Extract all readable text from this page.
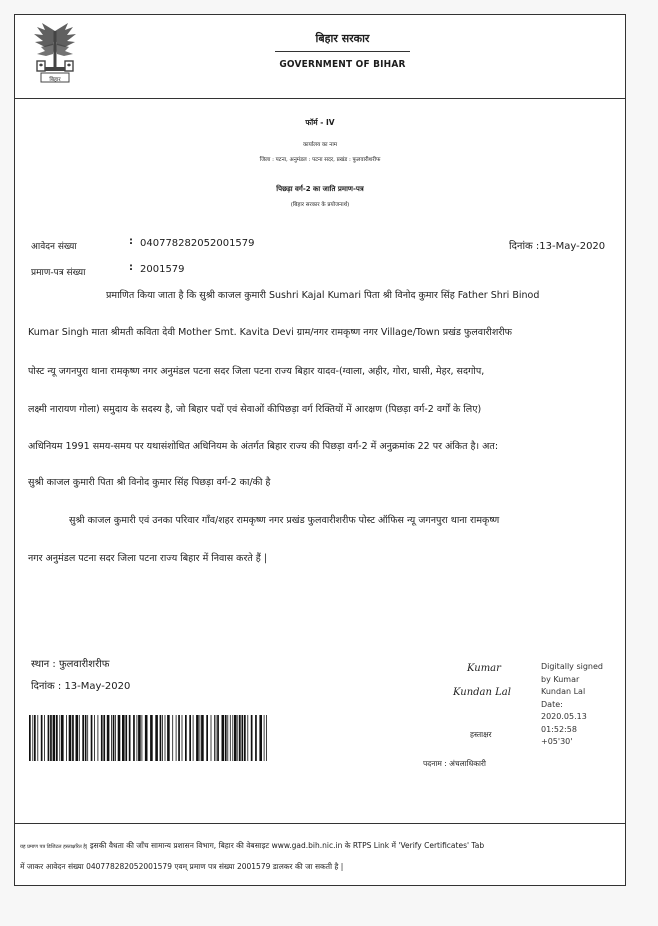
बिहार
बिहार सरकार
GOVERNMENT OF BIHAR
फॉर्म - IV
कार्यालय का नाम
जिला : पटना, अनुमंडल : पटना सदर, प्रखंड : फुलवारीशरीफ
पिछड़ा वर्ग-2 का जाति प्रमाण-पत्र
(बिहार सरकार के प्रयोजनार्थ)
आवेदन संख्या	: 040778282052001579	दिनांक :13-May-2020
प्रमाण-पत्र संख्या	: 2001579
प्रमाणित किया जाता है कि सुश्री काजल कुमारी Sushri Kajal Kumari पिता श्री विनोद कुमार सिंह Father Shri Binod
Kumar Singh माता श्रीमती कविता देवी Mother Smt. Kavita Devi ग्राम/नगर रामकृष्ण नगर Village/Town प्रखंड फुलवारीशरीफ
पोस्ट न्यू जगनपुरा थाना रामकृष्ण नगर अनुमंडल पटना सदर जिला पटना राज्य बिहार यादव-(ग्वाला, अहीर, गोरा, घासी, मेहर, सदगोप,
लक्ष्मी नारायण गोला) समुदाय के सदस्य है, जो बिहार पदों एवं सेवाओं कीपिछड़ा वर्ग रिक्तियों में आरक्षण (पिछड़ा वर्ग-2 वर्गों के लिए)
अधिनियम 1991 समय-समय पर यथासंशोधित अधिनियम के अंतर्गत बिहार राज्य की पिछड़ा वर्ग-2 में अनुक्रमांक 22 पर अंकित है। अत:
सुश्री काजल कुमारी पिता श्री विनोद कुमार सिंह पिछड़ा वर्ग-2 का/की है
सुश्री काजल कुमारी एवं उनका परिवार गाँव/शहर रामकृष्ण नगर प्रखंड फुलवारीशरीफ पोस्ट ऑफिस न्यू जगनपुरा थाना रामकृष्ण
नगर अनुमंडल पटना सदर जिला पटना राज्य बिहार में निवास करते हैं |
स्थान : फुलवारीशरीफ
दिनांक : 13-May-2020
Kumar
Kundan Lal
Digitally signed
by Kumar
Kundan Lal
Date:
2020.05.13
01:52:58
+05'30'
हस्ताक्षर
पदनाम : अंचलाधिकारी
यह प्रमाण पत्र डिजिटल हस्ताक्षरित है| इसकी वैधता की जाँच सामान्य प्रशासन विभाग, बिहार की वेबसाइट www.gad.bih.nic.in के RTPS Link में 'Verify Certificates' Tab
में जाकर आवेदन संख्या 040778282052001579 एवम् प्रमाण पत्र संख्या 2001579 डालकर की जा सकती है |
